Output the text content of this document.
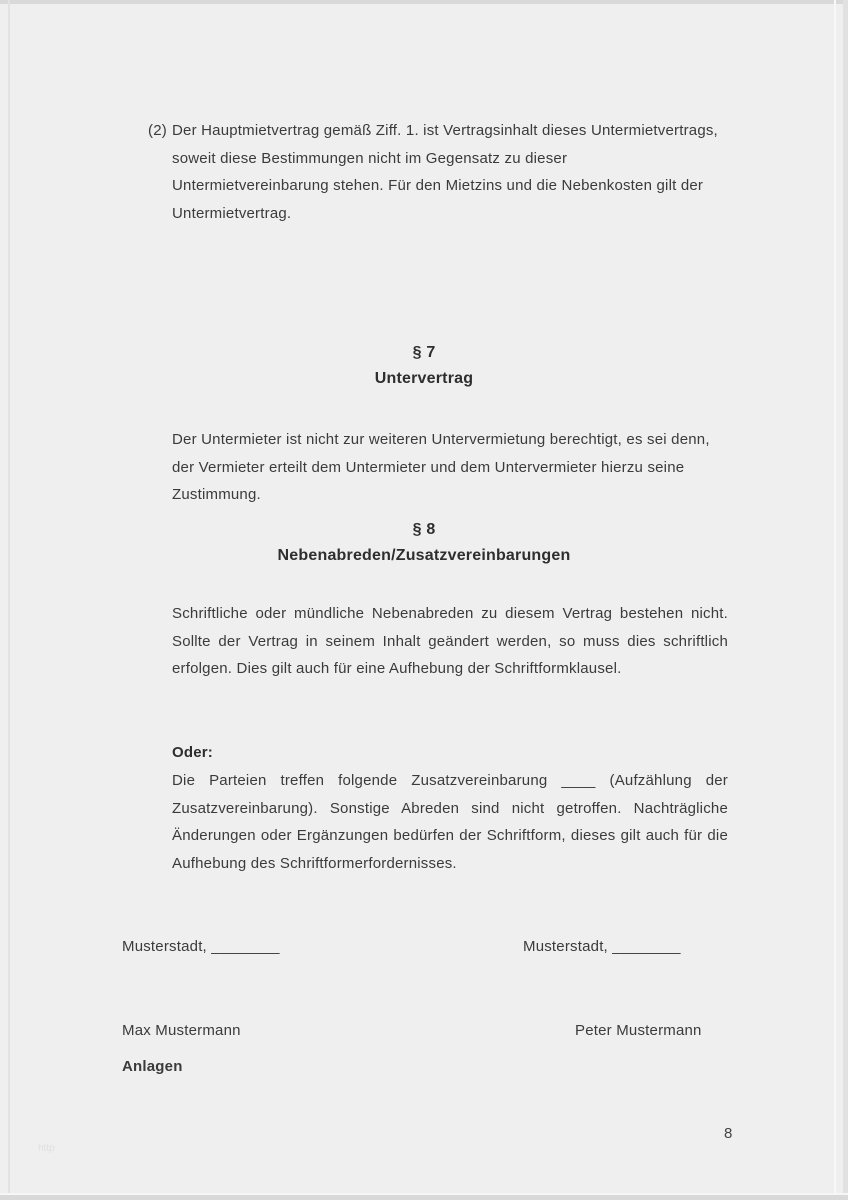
(2) Der Hauptmietvertrag gemäß Ziff. 1. ist Vertragsinhalt dieses Untermietvertrags, soweit diese Bestimmungen nicht im Gegensatz zu dieser Untermietvereinbarung stehen. Für den Mietzins und die Nebenkosten gilt der Untermietvertrag.
§ 7
Untervertrag
Der Untermieter ist nicht zur weiteren Untervermietung berechtigt, es sei denn, der Vermieter erteilt dem Untermieter und dem Untervermieter hierzu seine Zustimmung.
§ 8
Nebenabreden/Zusatzvereinbarungen
Schriftliche oder mündliche Nebenabreden zu diesem Vertrag bestehen nicht. Sollte der Vertrag in seinem Inhalt geändert werden, so muss dies schriftlich erfolgen. Dies gilt auch für eine Aufhebung der Schriftformklausel.
Oder:
Die Parteien treffen folgende Zusatzvereinbarung ____ (Aufzählung der Zusatzvereinbarung). Sonstige Abreden sind nicht getroffen. Nachträgliche Änderungen oder Ergänzungen bedürfen der Schriftform, dieses gilt auch für die Aufhebung des Schriftformerfordernisses.
Musterstadt, ________	Musterstadt, ________
Max Mustermann	Peter Mustermann
Anlagen
http
8
